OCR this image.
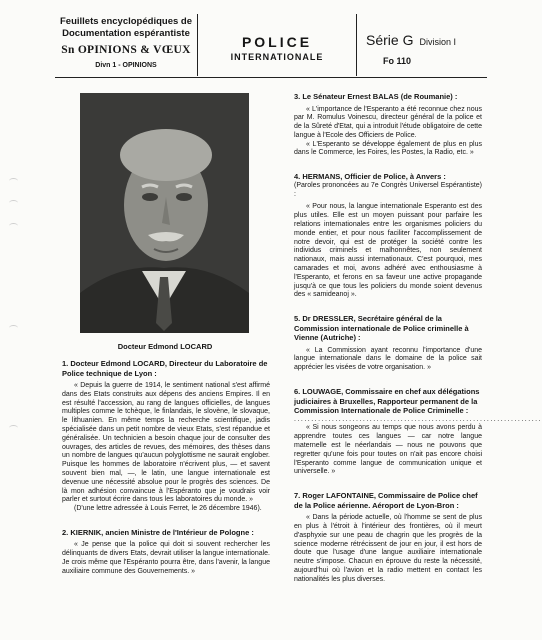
Feuillets encyclopédiques de
Documentation espérantiste
Sn OPINIONS & VŒUX
Divn 1 - OPINIONS
POLICE
INTERNATIONALE
Série G Division I
Fo 110
Docteur Edmond LOCARD

1. Docteur Edmond LOCARD, Directeur du Laboratoire de Police technique de Lyon :

« Depuis la guerre de 1914, le sentiment national s'est affirmé dans des Etats construits aux dépens des anciens Empires. Il en est résulté l'accession, au rang de langues officielles, de langues multiples comme le tchèque, le finlandais, le slovène, le slovaque, le lithuanien. En même temps la recherche scientifique, jadis spécialisée dans un petit nombre de vieux Etats, s'est répandue et généralisée. Un technicien a besoin chaque jour de consulter des ouvrages, des articles de revues, des mémoires, des thèses dans un nombre de langues qu'aucun polyglottisme ne saurait englober. Puisque les hommes de laboratoire n'écrivent plus, — et savent souvent bien mal, —, le latin, une langue internationale est devenue une nécessité absolue pour le progrès des sciences. De là mon adhésion convaincue à l'Espéranto que je voudrais voir parler et surtout écrire dans tous les laboratoires du monde. »

(D'une lettre adressée à Louis Ferret, le 26 décembre 1946).

2. KIERNIK, ancien Ministre de l'Intérieur de Pologne :

« Je pense que la police qui doit si souvent rechercher les délinquants de divers Etats, devrait utiliser la langue internationale. Je crois même que l'Espéranto pourra être, dans l'avenir, la langue auxiliaire commune des Gouvernements. »

3. Le Sénateur Ernest BALAS (de Roumanie) :

« L'importance de l'Esperanto a été reconnue chez nous par M. Romulus Voinescu, directeur général de la police et de la Sûreté d'Etat, qui a introduit l'étude obligatoire de cette langue à l'Ecole des Officiers de Police.

« L'Esperanto se développe également de plus en plus dans le Commerce, les Foires, les Postes, la Radio, etc. »

4. HERMANS, Officier de Police, à Anvers :

(Paroles prononcées au 7e Congrès Universel Espérantiste) :

« Pour nous, la langue internationale Esperanto est des plus utiles. Elle est un moyen puissant pour parfaire les relations internationales entre les organismes policiers du monde entier, et pour nous faciliter l'accomplissement de notre devoir, qui est de protéger la société contre les individus criminels et malhonnêtes, non seulement nationaux, mais aussi internationaux. C'est pourquoi, mes camarades et moi, avons adhéré avec enthousiasme à l'Esperanto, et ferons en sa faveur une active propagande jusqu'à ce que tous les policiers du monde soient devenus des « samideanoj ».

5. Dr DRESSLER, Secrétaire général de la Commission internationale de Police criminelle à Vienne (Autriche) :

« La Commission ayant reconnu l'importance d'une langue internationale dans le domaine de la police sait apprécier les visées de votre organisation. »

6. LOUWAGE, Commissaire en chef aux délégations judiciaires à Bruxelles, Rapporteur permanent de la Commission Internationale de Police Criminelle :

........................................................................

« Si nous songeons au temps que nous avons perdu à apprendre toutes ces langues — car notre langue maternelle est le néerlandais — nous ne pouvons que regretter qu'une fois pour toutes on n'ait pas encore choisi l'Esperanto comme langue de communication unique et universelle. »

7. Roger LAFONTAINE, Commissaire de Police chef de la Police aérienne. Aéroport de Lyon-Bron :

« Dans la période actuelle, où l'homme se sent de plus en plus à l'étroit à l'intérieur des frontières, où il meurt d'asphyxie sur une peau de chagrin que les progrès de la science moderne rétrécissent de jour en jour, il est hors de doute que l'usage d'une langue auxiliaire internationale neutre s'impose. Chacun en éprouve du reste la nécessité, aujourd'hui où l'avion et la radio mettent en contact les nationalités les plus diverses.
